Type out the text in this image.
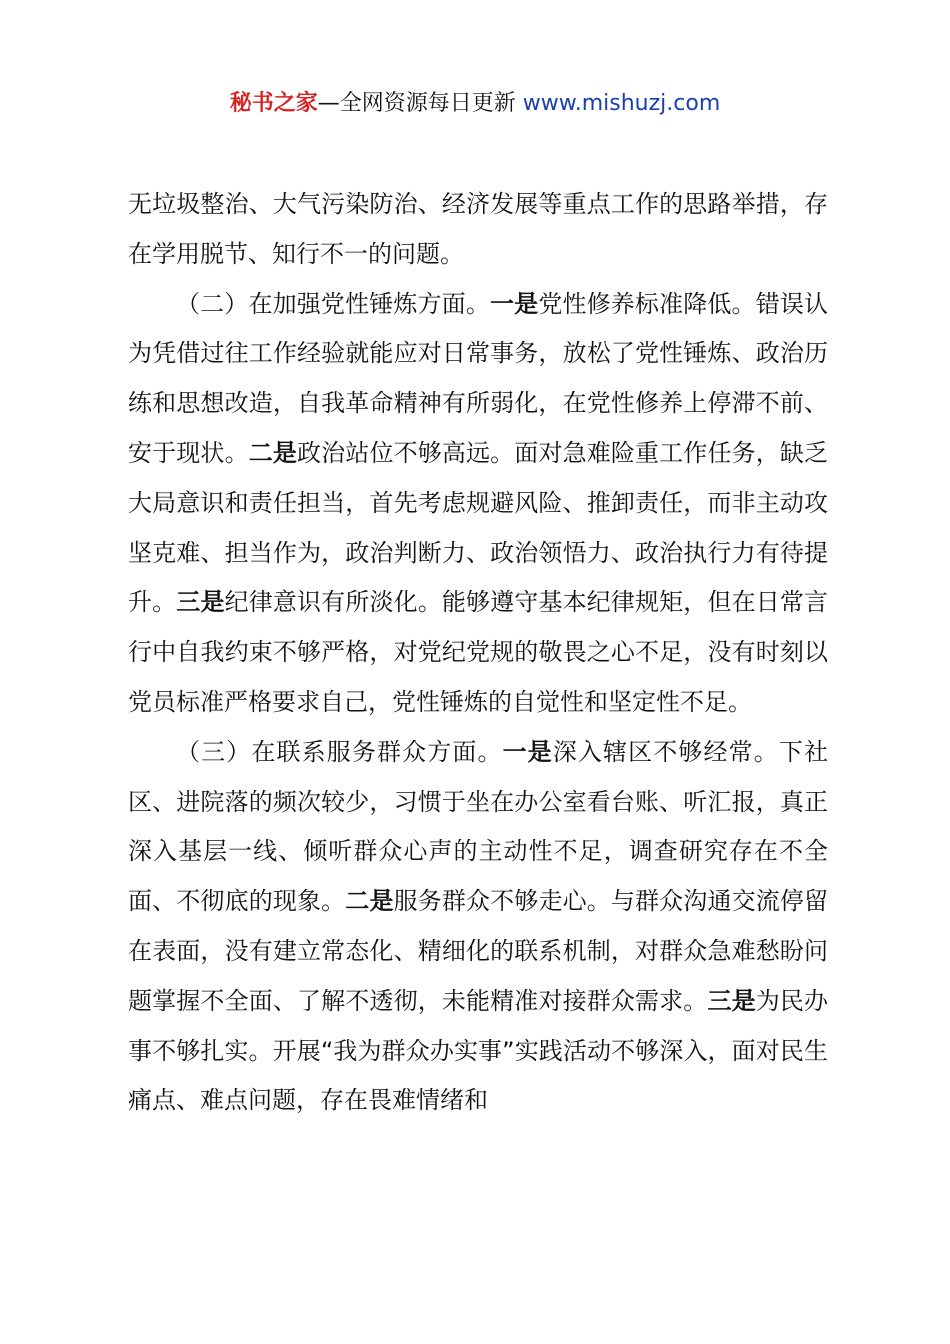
秘书之家—全网资源每日更新 www.mishuzj.com

无垃圾整治、大气污染防治、经济发展等重点工作的思路举措，存在学用脱节、知行不一的问题。

（二）在加强党性锤炼方面。一是党性修养标准降低。错误认为凭借过往工作经验就能应对日常事务，放松了党性锤炼、政治历练和思想改造，自我革命精神有所弱化，在党性修养上停滞不前、安于现状。二是政治站位不够高远。面对急难险重工作任务，缺乏大局意识和责任担当，首先考虑规避风险、推卸责任，而非主动攻坚克难、担当作为，政治判断力、政治领悟力、政治执行力有待提升。三是纪律意识有所淡化。能够遵守基本纪律规矩，但在日常言行中自我约束不够严格，对党纪党规的敬畏之心不足，没有时刻以党员标准严格要求自己，党性锤炼的自觉性和坚定性不足。

（三）在联系服务群众方面。一是深入辖区不够经常。下社区、进院落的频次较少，习惯于坐在办公室看台账、听汇报，真正深入基层一线、倾听群众心声的主动性不足，调查研究存在不全面、不彻底的现象。二是服务群众不够走心。与群众沟通交流停留在表面，没有建立常态化、精细化的联系机制，对群众急难愁盼问题掌握不全面、了解不透彻，未能精准对接群众需求。三是为民办事不够扎实。开展“我为群众办实事”实践活动不够深入，面对民生痛点、难点问题，存在畏难情绪和
